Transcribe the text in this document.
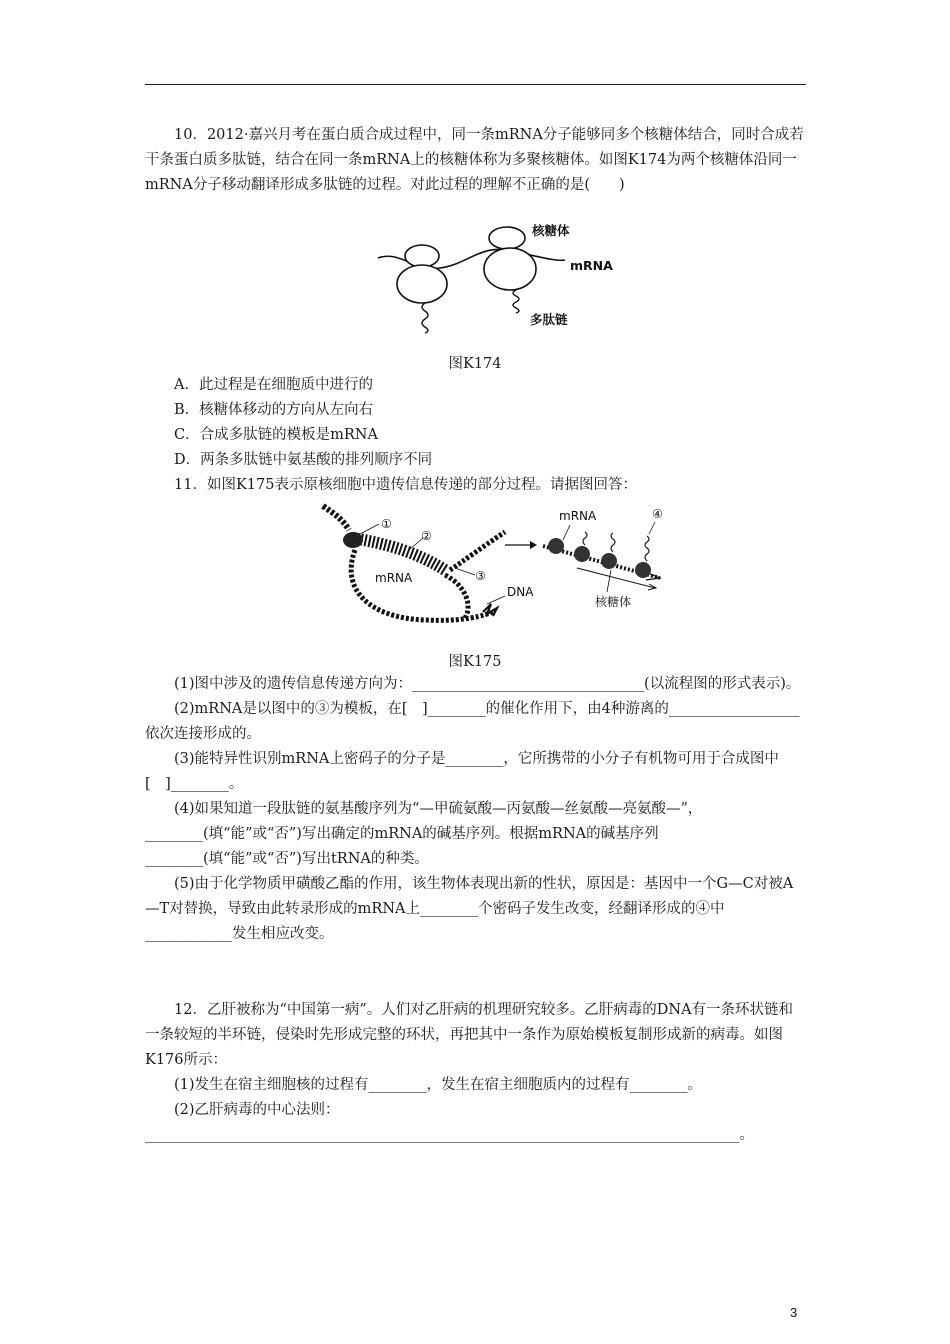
10．2012·嘉兴月考在蛋白质合成过程中，同一条mRNA分子能够同多个核糖体结合，同时合成若干条蛋白质多肽链，结合在同一条mRNA上的核糖体称为多聚核糖体。如图K174为两个核糖体沿同一mRNA分子移动翻译形成多肽链的过程。对此过程的理解不正确的是(　　)

核糖体
mRNA
多肽链
图K174

A．此过程是在细胞质中进行的

B．核糖体移动的方向从左向右

C．合成多肽链的模板是mRNA

D．两条多肽链中氨基酸的排列顺序不同

11．如图K175表示原核细胞中遗传信息传递的部分过程。请据图回答：

①
②
③
mRNA
DNA
mRNA	④
核糖体
图K175

(1)图中涉及的遗传信息传递方向为：________________________________(以流程图的形式表示)。

(2)mRNA是以图中的③为模板，在[　]________的催化作用下，由4种游离的__________________依次连接形成的。

(3)能特异性识别mRNA上密码子的分子是________，它所携带的小分子有机物可用于合成图中[　]________。

(4)如果知道一段肽链的氨基酸序列为“—甲硫氨酸—丙氨酸—丝氨酸—亮氨酸—”，________(填“能”或“否”)写出确定的mRNA的碱基序列。根据mRNA的碱基序列________(填“能”或“否”)写出tRNA的种类。

(5)由于化学物质甲磺酸乙酯的作用，该生物体表现出新的性状，原因是：基因中一个G—C对被A—T对替换，导致由此转录形成的mRNA上________个密码子发生改变，经翻译形成的④中____________发生相应改变。

12．乙肝被称为“中国第一病”。人们对乙肝病的机理研究较多。乙肝病毒的DNA有一条环状链和一条较短的半环链，侵染时先形成完整的环状，再把其中一条作为原始模板复制形成新的病毒。如图K176所示：

(1)发生在宿主细胞核的过程有________，发生在宿主细胞质内的过程有________。

(2)乙肝病毒的中心法则：__________________________________________________________________________________。

3
